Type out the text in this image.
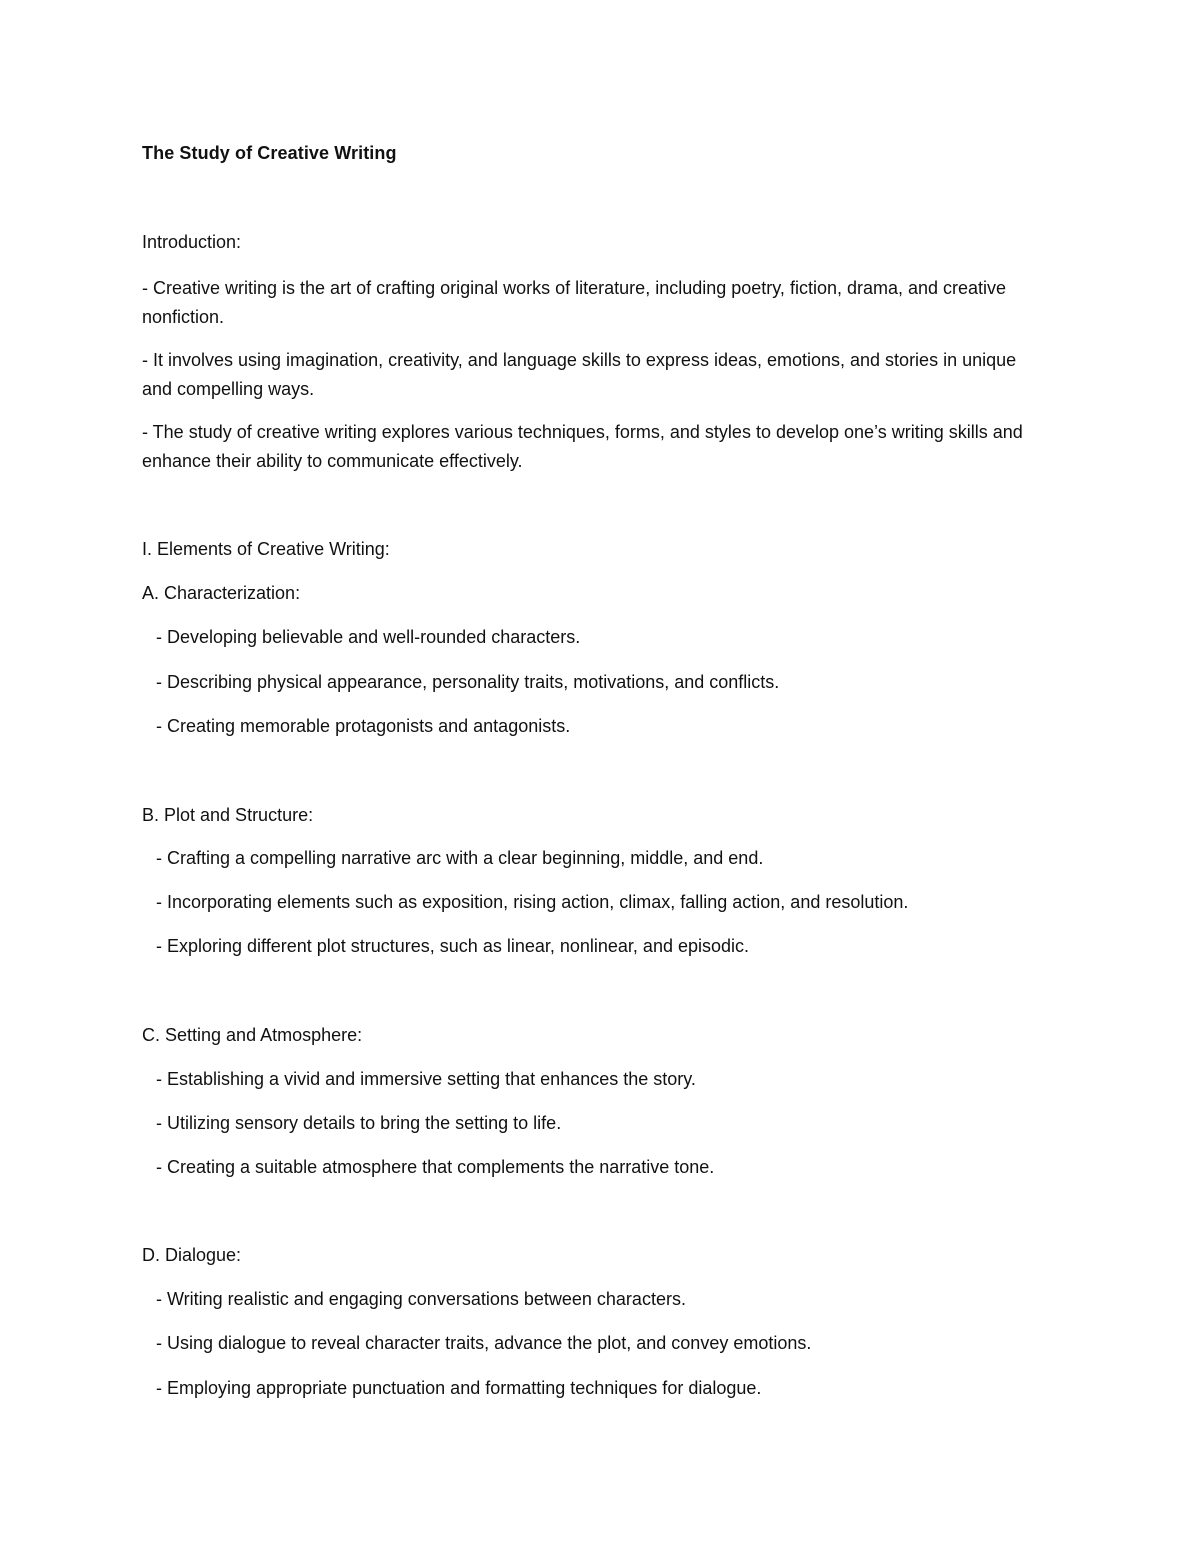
The Study of Creative Writing
Introduction:
- Creative writing is the art of crafting original works of literature, including poetry, fiction, drama, and creative nonfiction.
- It involves using imagination, creativity, and language skills to express ideas, emotions, and stories in unique and compelling ways.
- The study of creative writing explores various techniques, forms, and styles to develop one’s writing skills and enhance their ability to communicate effectively.
I. Elements of Creative Writing:
A. Characterization:
- Developing believable and well-rounded characters.
- Describing physical appearance, personality traits, motivations, and conflicts.
- Creating memorable protagonists and antagonists.
B. Plot and Structure:
- Crafting a compelling narrative arc with a clear beginning, middle, and end.
- Incorporating elements such as exposition, rising action, climax, falling action, and resolution.
- Exploring different plot structures, such as linear, nonlinear, and episodic.
C. Setting and Atmosphere:
- Establishing a vivid and immersive setting that enhances the story.
- Utilizing sensory details to bring the setting to life.
- Creating a suitable atmosphere that complements the narrative tone.
D. Dialogue:
- Writing realistic and engaging conversations between characters.
- Using dialogue to reveal character traits, advance the plot, and convey emotions.
- Employing appropriate punctuation and formatting techniques for dialogue.
